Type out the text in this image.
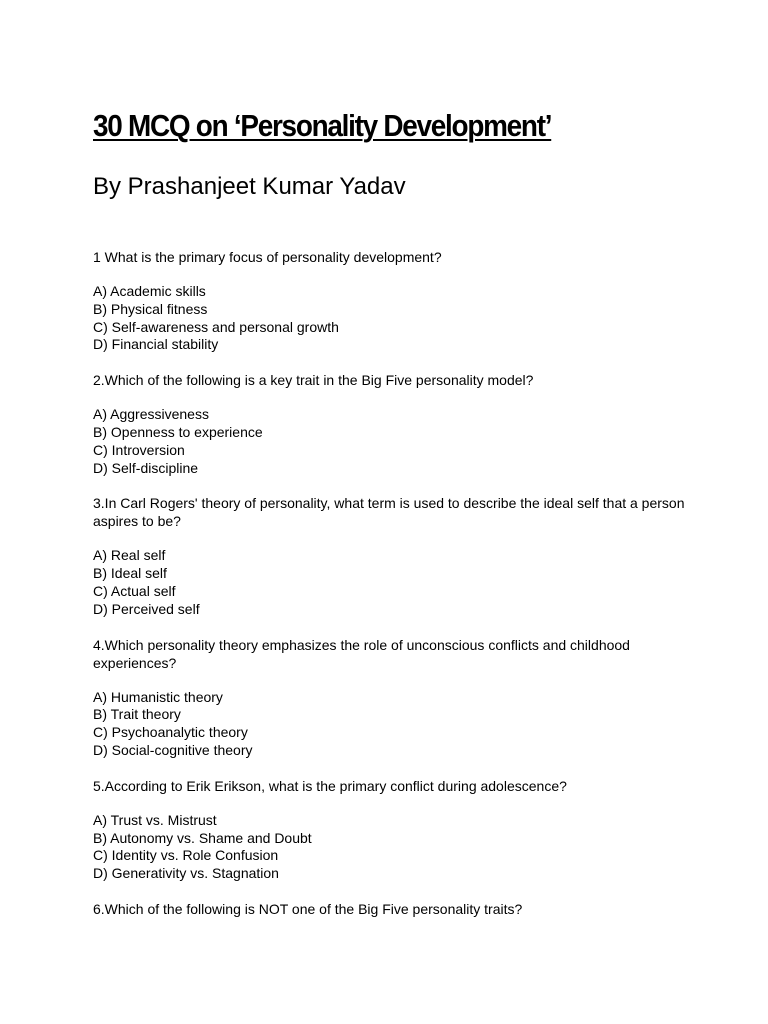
30 MCQ on ‘Personality Development’
By Prashanjeet Kumar Yadav

1 What is the primary focus of personality development?

A) Academic skills
B) Physical fitness
C) Self-awareness and personal growth
D) Financial stability

2.Which of the following is a key trait in the Big Five personality model?

A) Aggressiveness
B) Openness to experience
C) Introversion
D) Self-discipline

3.In Carl Rogers' theory of personality, what term is used to describe the ideal self that a person aspires to be?

A) Real self
B) Ideal self
C) Actual self
D) Perceived self

4.Which personality theory emphasizes the role of unconscious conflicts and childhood experiences?

A) Humanistic theory
B) Trait theory
C) Psychoanalytic theory
D) Social-cognitive theory

5.According to Erik Erikson, what is the primary conflict during adolescence?

A) Trust vs. Mistrust
B) Autonomy vs. Shame and Doubt
C) Identity vs. Role Confusion
D) Generativity vs. Stagnation

6.Which of the following is NOT one of the Big Five personality traits?
